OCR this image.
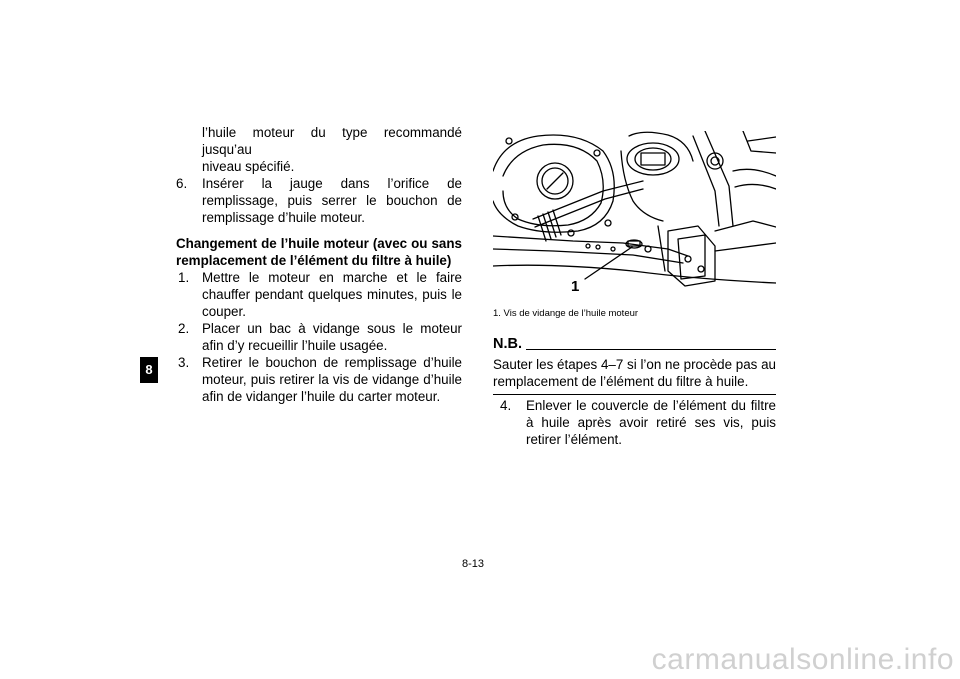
8

l’huile moteur du type recommandé jusqu’au

niveau spécifié.

6.	Insérer la jauge dans l’orifice de remplissage, puis serrer le bouchon de remplissage d’huile moteur.

Changement de l’huile moteur (avec ou sans remplacement de l’élément du filtre à huile)

1. Mettre le moteur en marche et le faire chauffer pendant quelques minutes, puis le couper.
2. Placer un bac à vidange sous le moteur afin d’y recueillir l’huile usagée.
3. Retirer le bouchon de remplissage d’huile moteur, puis retirer la vis de vidange d’huile afin de vidanger l’huile du carter moteur.
1
1. Vis de vidange de l’huile moteur
N.B.
Sauter les étapes 4–7 si l’on ne procède pas au remplacement de l’élément du filtre à huile.
4.	Enlever le couvercle de l’élément du filtre à huile après avoir retiré ses vis, puis retirer l’élément.
8-13
carmanualsonline.info
